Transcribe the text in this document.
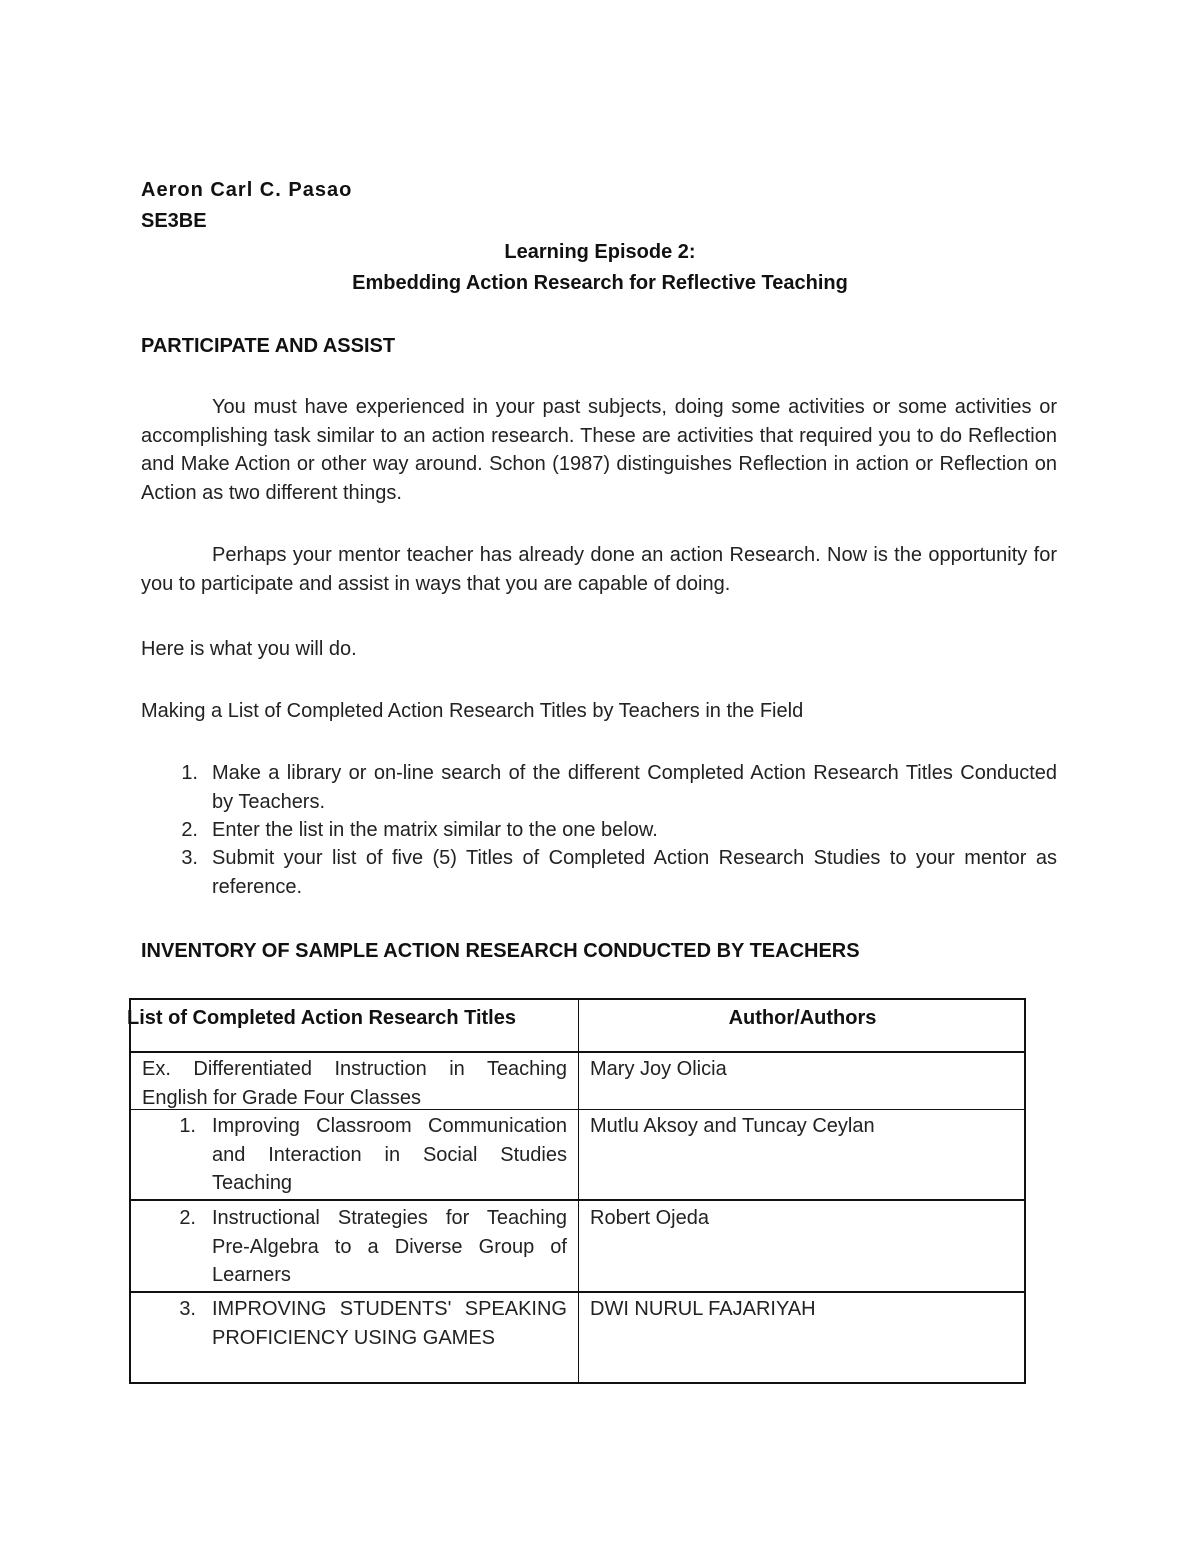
Aeron Carl C. Pasao
SE3BE
Learning Episode 2:
Embedding Action Research for Reflective Teaching
PARTICIPATE AND ASSIST
You must have experienced in your past subjects, doing some activities or some activities or accomplishing task similar to an action research. These are activities that required you to do Reflection and Make Action or other way around. Schon (1987) distinguishes Reflection in action or Reflection on Action as two different things.
Perhaps your mentor teacher has already done an action Research. Now is the opportunity for you to participate and assist in ways that you are capable of doing.
Here is what you will do.
Making a List of Completed Action Research Titles by Teachers in the Field
1. Make a library or on-line search of the different Completed Action Research Titles Conducted by Teachers.
2. Enter the list in the matrix similar to the one below.
3. Submit your list of five (5) Titles of Completed Action Research Studies to your mentor as reference.
INVENTORY OF SAMPLE ACTION RESEARCH CONDUCTED BY TEACHERS
List of Completed Action Research Titles	Author/Authors
Ex. Differentiated Instruction in Teaching English for Grade Four Classes
Mary Joy Olicia
1. Improving Classroom Communication and Interaction in Social Studies Teaching
Mutlu Aksoy and Tuncay Ceylan
2. Instructional Strategies for Teaching Pre-Algebra to a Diverse Group of Learners
Robert Ojeda
3. IMPROVING STUDENTS' SPEAKING PROFICIENCY USING GAMES
DWI NURUL FAJARIYAH
